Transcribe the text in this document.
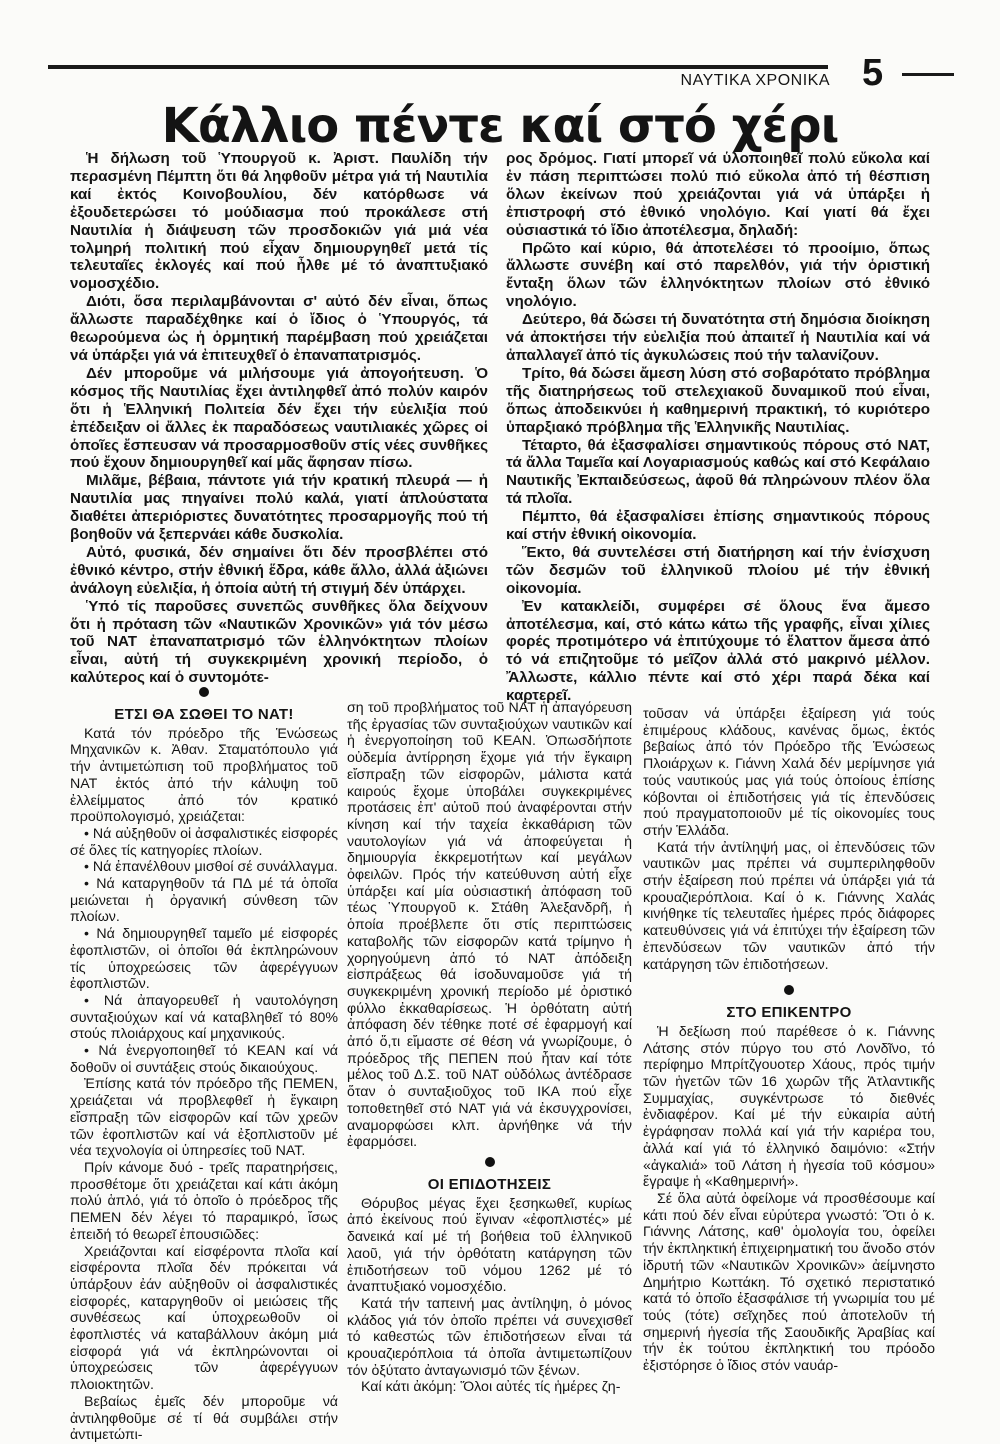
ΝΑΥΤΙΚΑ ΧΡΟΝΙΚΑ 5
Κάλλιο πέντε καί στό χέρι

Ἡ δήλωση τοῦ Ὑπουργοῦ κ. Ἀριστ. Παυλίδη τήν περασμένη Πέμπτη ὅτι θά ληφθοῦν μέτρα γιά τή Ναυτιλία καί ἐκτός Κοινοβουλίου, δέν κατόρθωσε νά ἐξουδετερώσει τό μούδιασμα πού προκάλεσε στή Ναυτιλία ἡ διάψευση τῶν προσδοκιῶν γιά μιά νέα τολμηρή πολιτική πού εἶχαν δημιουργηθεῖ μετά τίς τελευταῖες ἐκλογές καί πού ἦλθε μέ τό ἀναπτυξιακό νομοσχέδιο.

Διότι, ὅσα περιλαμβάνονται σ' αὐτό δέν εἶναι, ὅπως ἄλλωστε παραδέχθηκε καί ὁ ἴδιος ὁ Ὑπουργός, τά θεωρούμενα ὡς ἡ ὁρμητική παρέμβαση πού χρειάζεται νά ὑπάρξει γιά νά ἐπιτευχθεῖ ὁ ἐπαναπατρισμός.

Δέν μποροῦμε νά μιλήσουμε γιά ἀπογοήτευση. Ὁ κόσμος τῆς Ναυτιλίας ἔχει ἀντιληφθεῖ ἀπό πολύν καιρόν ὅτι ἡ Ἑλληνική Πολιτεία δέν ἔχει τήν εὐελιξία πού ἐπέδειξαν οἱ ἄλλες ἐκ παραδόσεως ναυτιλιακές χῶρες οἱ ὁποῖες ἔσπευσαν νά προσαρμοσθοῦν στίς νέες συνθῆκες πού ἔχουν δημιουργηθεῖ καί μᾶς ἄφησαν πίσω.

Μιλᾶμε, βέβαια, πάντοτε γιά τήν κρατική πλευρά — ἡ Ναυτιλία μας πηγαίνει πολύ καλά, γιατί ἁπλούστατα διαθέτει ἀπεριόριστες δυνατότητες προσαρμογῆς πού τή βοηθοῦν νά ξεπερνάει κάθε δυσκολία.

Αὐτό, φυσικά, δέν σημαίνει ὅτι δέν προσβλέπει στό ἐθνικό κέντρο, στήν ἐθνική ἕδρα, κάθε ἄλλο, ἀλλά ἀξιώνει ἀνάλογη εὐελιξία, ἡ ὁποία αὐτή τή στιγμή δέν ὑπάρχει.

Ὑπό τίς παροῦσες συνεπῶς συνθῆκες ὅλα δείχνουν ὅτι ἡ πρόταση τῶν «Ναυτικῶν Χρονικῶν» γιά τόν μέσω τοῦ ΝΑΤ ἐπαναπατρισμό τῶν ἑλληνόκτητων πλοίων εἶναι, αὐτή τή συγκεκριμένη χρονική περίοδο, ὁ καλύτερος καί ὁ συντομότε-

ρος δρόμος. Γιατί μπορεῖ νά ὑλοποιηθεῖ πολύ εὔκολα καί ἐν πάση περιπτώσει πολύ πιό εὔκολα ἀπό τή θέσπιση ὅλων ἐκείνων πού χρειάζονται γιά νά ὑπάρξει ἡ ἐπιστροφή στό ἐθνικό νηολόγιο. Καί γιατί θά ἔχει οὐσιαστικά τό ἴδιο ἀποτέλεσμα, δηλαδή:

Πρῶτο καί κύριο, θά ἀποτελέσει τό προοίμιο, ὅπως ἄλλωστε συνέβη καί στό παρελθόν, γιά τήν ὁριστική ἔνταξη ὅλων τῶν ἑλληνόκτητων πλοίων στό ἐθνικό νηολόγιο.

Δεύτερο, θά δώσει τή δυνατότητα στή δημόσια διοίκηση νά ἀποκτήσει τήν εὐελιξία πού ἀπαιτεῖ ἡ Ναυτιλία καί νά ἀπαλλαγεῖ ἀπό τίς ἀγκυλώσεις πού τήν ταλανίζουν.

Τρίτο, θά δώσει ἄμεση λύση στό σοβαρότατο πρόβλημα τῆς διατηρήσεως τοῦ στελεχιακοῦ δυναμικοῦ πού εἶναι, ὅπως ἀποδεικνύει ἡ καθημερινή πρακτική, τό κυριότερο ὑπαρξιακό πρόβλημα τῆς Ἑλληνικῆς Ναυτιλίας.

Τέταρτο, θά ἐξασφαλίσει σημαντικούς πόρους στό ΝΑΤ, τά ἄλλα Ταμεῖα καί Λογαριασμούς καθώς καί στό Κεφάλαιο Ναυτικῆς Ἐκπαιδεύσεως, ἀφοῦ θά πληρώνουν πλέον ὅλα τά πλοῖα.

Πέμπτο, θά ἐξασφαλίσει ἐπίσης σημαντικούς πόρους καί στήν ἐθνική οἰκονομία.

Ἕκτο, θά συντελέσει στή διατήρηση καί τήν ἐνίσχυση τῶν δεσμῶν τοῦ ἑλληνικοῦ πλοίου μέ τήν ἐθνική οἰκονομία.

Ἐν κατακλείδι, συμφέρει σέ ὅλους ἕνα ἄμεσο ἀποτέλεσμα, καί, στό κάτω κάτω τῆς γραφῆς, εἶναι χίλιες φορές προτιμότερο νά ἐπιτύχουμε τό ἔλαττον ἄμεσα ἀπό τό νά επιζητοῦμε τό μεῖζον ἀλλά στό μακρινό μέλλον. Ἄλλωστε, κάλλιο πέντε καί στό χέρι παρά δέκα καί καρτερεῖ.

ΕΤΣΙ ΘΑ ΣΩΘΕΙ ΤΟ ΝΑΤ!

Κατά τόν πρόεδρο τῆς Ἑνώσεως Μηχανικῶν κ. Ἀθαν. Σταματόπουλο γιά τήν ἀντιμετώπιση τοῦ προβλήματος τοῦ ΝΑΤ ἐκτός ἀπό τήν κάλυψη τοῦ ἐλλείμματος ἀπό τόν κρατικό προϋπολογισμό, χρειάζεται:

• Νά αὐξηθοῦν οἱ ἀσφαλιστικές εἰσφορές σέ ὅλες τίς κατηγορίες πλοίων.

• Νά ἐπανέλθουν μισθοί σέ συνάλλαγμα.

• Νά καταργηθοῦν τά ΠΔ μέ τά ὁποῖα μειώνεται ἡ ὀργανική σύνθεση τῶν πλοίων.

• Νά δημιουργηθεῖ ταμεῖο μέ εἰσφορές ἐφοπλιστῶν, οἱ ὁποῖοι θά ἐκπληρώνουν τίς ὑποχρεώσεις τῶν ἀφερέγγυων ἐφοπλιστῶν.

• Νά ἀπαγορευθεῖ ἡ ναυτολόγηση συνταξιούχων καί νά καταβληθεῖ τό 80% στούς πλοιάρχους καί μηχανικούς.

• Νά ἐνεργοποιηθεῖ τό ΚΕΑΝ καί νά δοθοῦν οἱ συντάξεις στούς δικαιούχους.

Ἐπίσης κατά τόν πρόεδρο τῆς ΠΕΜΕΝ, χρειάζεται νά προβλεφθεῖ ἡ ἔγκαιρη εἴσπραξη τῶν εἰσφορῶν καί τῶν χρεῶν τῶν ἐφοπλιστῶν καί νά ἐξοπλιστοῦν μέ νέα τεχνολογία οἱ ὑπηρεσίες τοῦ ΝΑΤ.

Πρίν κάνομε δυό - τρεῖς παρατηρήσεις, προσθέτομε ὅτι χρειάζεται καί κάτι ἀκόμη πολύ ἁπλό, γιά τό ὁποῖο ὁ πρόεδρος τῆς ΠΕΜΕΝ δέν λέγει τό παραμικρό, ἴσως ἐπειδή τό θεωρεῖ ἐπουσιῶδες:

Χρειάζονται καί εἰσφέροντα πλοῖα καί εἰσφέροντα πλοῖα δέν πρόκειται νά ὑπάρξουν ἐάν αὐξηθοῦν οἱ ἀσφαλιστικές εἰσφορές, καταργηθοῦν οἱ μειώσεις τῆς συνθέσεως καί ὑποχρεωθοῦν οἱ ἐφοπλιστές νά καταβάλλουν ἀκόμη μιά εἰσφορά γιά νά ἐκπληρώνονται οἱ ὑποχρεώσεις τῶν ἀφερέγγυων πλοιοκτητῶν.

Βεβαίως ἐμεῖς δέν μποροῦμε νά ἀντιληφθοῦμε σέ τί θά συμβάλει στήν ἀντιμετώπι-

ση τοῦ προβλήματος τοῦ ΝΑΤ ἡ ἀπαγόρευση τῆς ἐργασίας τῶν συνταξιούχων ναυτικῶν καί ἡ ἐνεργοποίηση τοῦ ΚΕΑΝ. Ὁπωσδήποτε οὐδεμία ἀντίρρηση ἔχομε γιά τήν ἔγκαιρη εἴσπραξη τῶν εἰσφορῶν, μάλιστα κατά καιρούς ἔχομε ὑποβάλει συγκεκριμένες προτάσεις ἐπ' αὐτοῦ πού ἀναφέρονται στήν κίνηση καί τήν ταχεία ἐκκαθάριση τῶν ναυτολογίων γιά νά ἀποφεύγεται ἡ δημιουργία ἐκκρεμοτήτων καί μεγάλων ὀφειλῶν. Πρός τήν κατεύθυνση αὐτή εἶχε ὑπάρξει καί μία οὐσιαστική ἀπόφαση τοῦ τέως Ὑπουργοῦ κ. Στάθη Ἀλεξανδρῆ, ἡ ὁποία προέβλεπε ὅτι στίς περιπτώσεις καταβολῆς τῶν εἰσφορῶν κατά τρίμηνο ἡ χορηγούμενη ἀπό τό ΝΑΤ ἀπόδειξη εἰσπράξεως θά ἰσοδυναμοῦσε γιά τή συγκεκριμένη χρονική περίοδο μέ ὁριστικό φύλλο ἐκκαθαρίσεως. Ἡ ὀρθότατη αὐτή ἀπόφαση δέν τέθηκε ποτέ σέ ἐφαρμογή καί ἀπό ὅ,τι εἴμαστε σέ θέση νά γνωρίζουμε, ὁ πρόεδρος τῆς ΠΕΠΕΝ πού ἦταν καί τότε μέλος τοῦ Δ.Σ. τοῦ ΝΑΤ οὐδόλως ἀντέδρασε ὅταν ὁ συνταξιοῦχος τοῦ ΙΚΑ πού εἶχε τοποθετηθεῖ στό ΝΑΤ γιά νά ἐκσυγχρονίσει, αναμορφώσει κλπ. ἀρνήθηκε νά τήν ἐφαρμόσει.

ΟΙ ΕΠΙΔΟΤΗΣΕΙΣ

Θόρυβος μέγας ἔχει ξεσηκωθεῖ, κυρίως ἀπό ἐκείνους πού ἔγιναν «ἐφοπλιστές» μέ δανεικά καί μέ τή βοήθεια τοῦ ἑλληνικοῦ λαοῦ, γιά τήν ὀρθότατη κατάργηση τῶν ἐπιδοτήσεων τοῦ νόμου 1262 μέ τό ἀναπτυξιακό νομοσχέδιο.

Κατά τήν ταπεινή μας ἀντίληψη, ὁ μόνος κλάδος γιά τόν ὁποῖο πρέπει νά συνεχισθεῖ τό καθεστώς τῶν ἐπιδοτήσεων εἶναι τά κρουαζιερόπλοια τά ὁποῖα ἀντιμετωπίζουν τόν ὀξύτατο ἀνταγωνισμό τῶν ξένων.

Καί κάτι ἀκόμη: Ὅλοι αὐτές τίς ἡμέρες ζη-

τοῦσαν νά ὑπάρξει ἐξαίρεση γιά τούς ἐπιμέρους κλάδους, κανένας ὅμως, ἐκτός βεβαίως ἀπό τόν Πρόεδρο τῆς Ἑνώσεως Πλοιάρχων κ. Γιάννη Χαλά δέν μερίμνησε γιά τούς ναυτικούς μας γιά τούς ὁποίους ἐπίσης κόβονται οἱ ἐπιδοτήσεις γιά τίς ἐπενδύσεις πού πραγματοποιοῦν μέ τίς οἰκονομίες τους στήν Ἑλλάδα.

Κατά τήν ἀντίληψή μας, οἱ ἐπενδύσεις τῶν ναυτικῶν μας πρέπει νά συμπεριληφθοῦν στήν ἐξαίρεση πού πρέπει νά ὑπάρξει γιά τά κρουαζιερόπλοια. Καί ὁ κ. Γιάννης Χαλάς κινήθηκε τίς τελευταῖες ἡμέρες πρός διάφορες κατευθύνσεις γιά νά ἐπιτύχει τήν ἐξαίρεση τῶν ἐπενδύσεων τῶν ναυτικῶν ἀπό τήν κατάργηση τῶν ἐπιδοτήσεων.

ΣΤΟ ΕΠΙΚΕΝΤΡΟ

Ἡ δεξίωση πού παρέθεσε ὁ κ. Γιάννης Λάτσης στόν πύργο του στό Λονδῖνο, τό περίφημο Μπρίτζγουοτερ Χάους, πρός τιμήν τῶν ἡγετῶν τῶν 16 χωρῶν τῆς Ἀτλαντικῆς Συμμαχίας, συγκέντρωσε τό διεθνές ἐνδιαφέρον. Καί μέ τήν εὐκαιρία αὐτή ἐγράφησαν πολλά καί γιά τήν καριέρα του, ἀλλά καί γιά τό ἑλληνικό δαιμόνιο: «Στήν «ἀγκαλιά» τοῦ Λάτση ἡ ἡγεσία τοῦ κόσμου» ἔγραψε ἡ «Καθημερινή».

Σέ ὅλα αὐτά ὀφείλομε νά προσθέσουμε καί κάτι πού δέν εἶναι εὐρύτερα γνωστό: Ὅτι ὁ κ. Γιάννης Λάτσης, καθ' ὁμολογία του, ὀφείλει τήν ἐκπληκτική ἐπιχειρηματική του ἄνοδο στόν ἱδρυτή τῶν «Ναυτικῶν Χρονικῶν» ἀείμνηστο Δημήτριο Κωττάκη. Τό σχετικό περιστατικό κατά τό ὁποῖο ἐξασφάλισε τή γνωριμία του μέ τούς (τότε) σεῖχηδες πού ἀποτελοῦν τή σημερινή ἡγεσία τῆς Σαουδικῆς Ἀραβίας καί τήν ἐκ τούτου ἐκπληκτική του πρόοδο ἐξιστόρησε ὁ ἴδιος στόν ναυάρ-
